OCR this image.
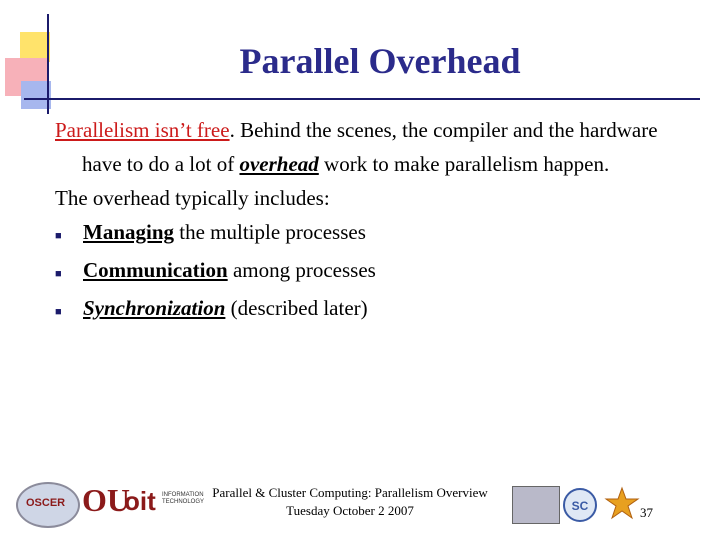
Parallel Overhead

Parallelism isn’t free. Behind the scenes, the compiler and the hardware have to do a lot of overhead work to make parallelism happen.

The overhead typically includes:

■	Managing the multiple processes
■	Communication among processes
■	Synchronization (described later)
OSCER OU
oit INFORMATION TECHNOLOGY
Parallel & Cluster Computing: Parallelism Overview
Tuesday October 2 2007	SC	37
